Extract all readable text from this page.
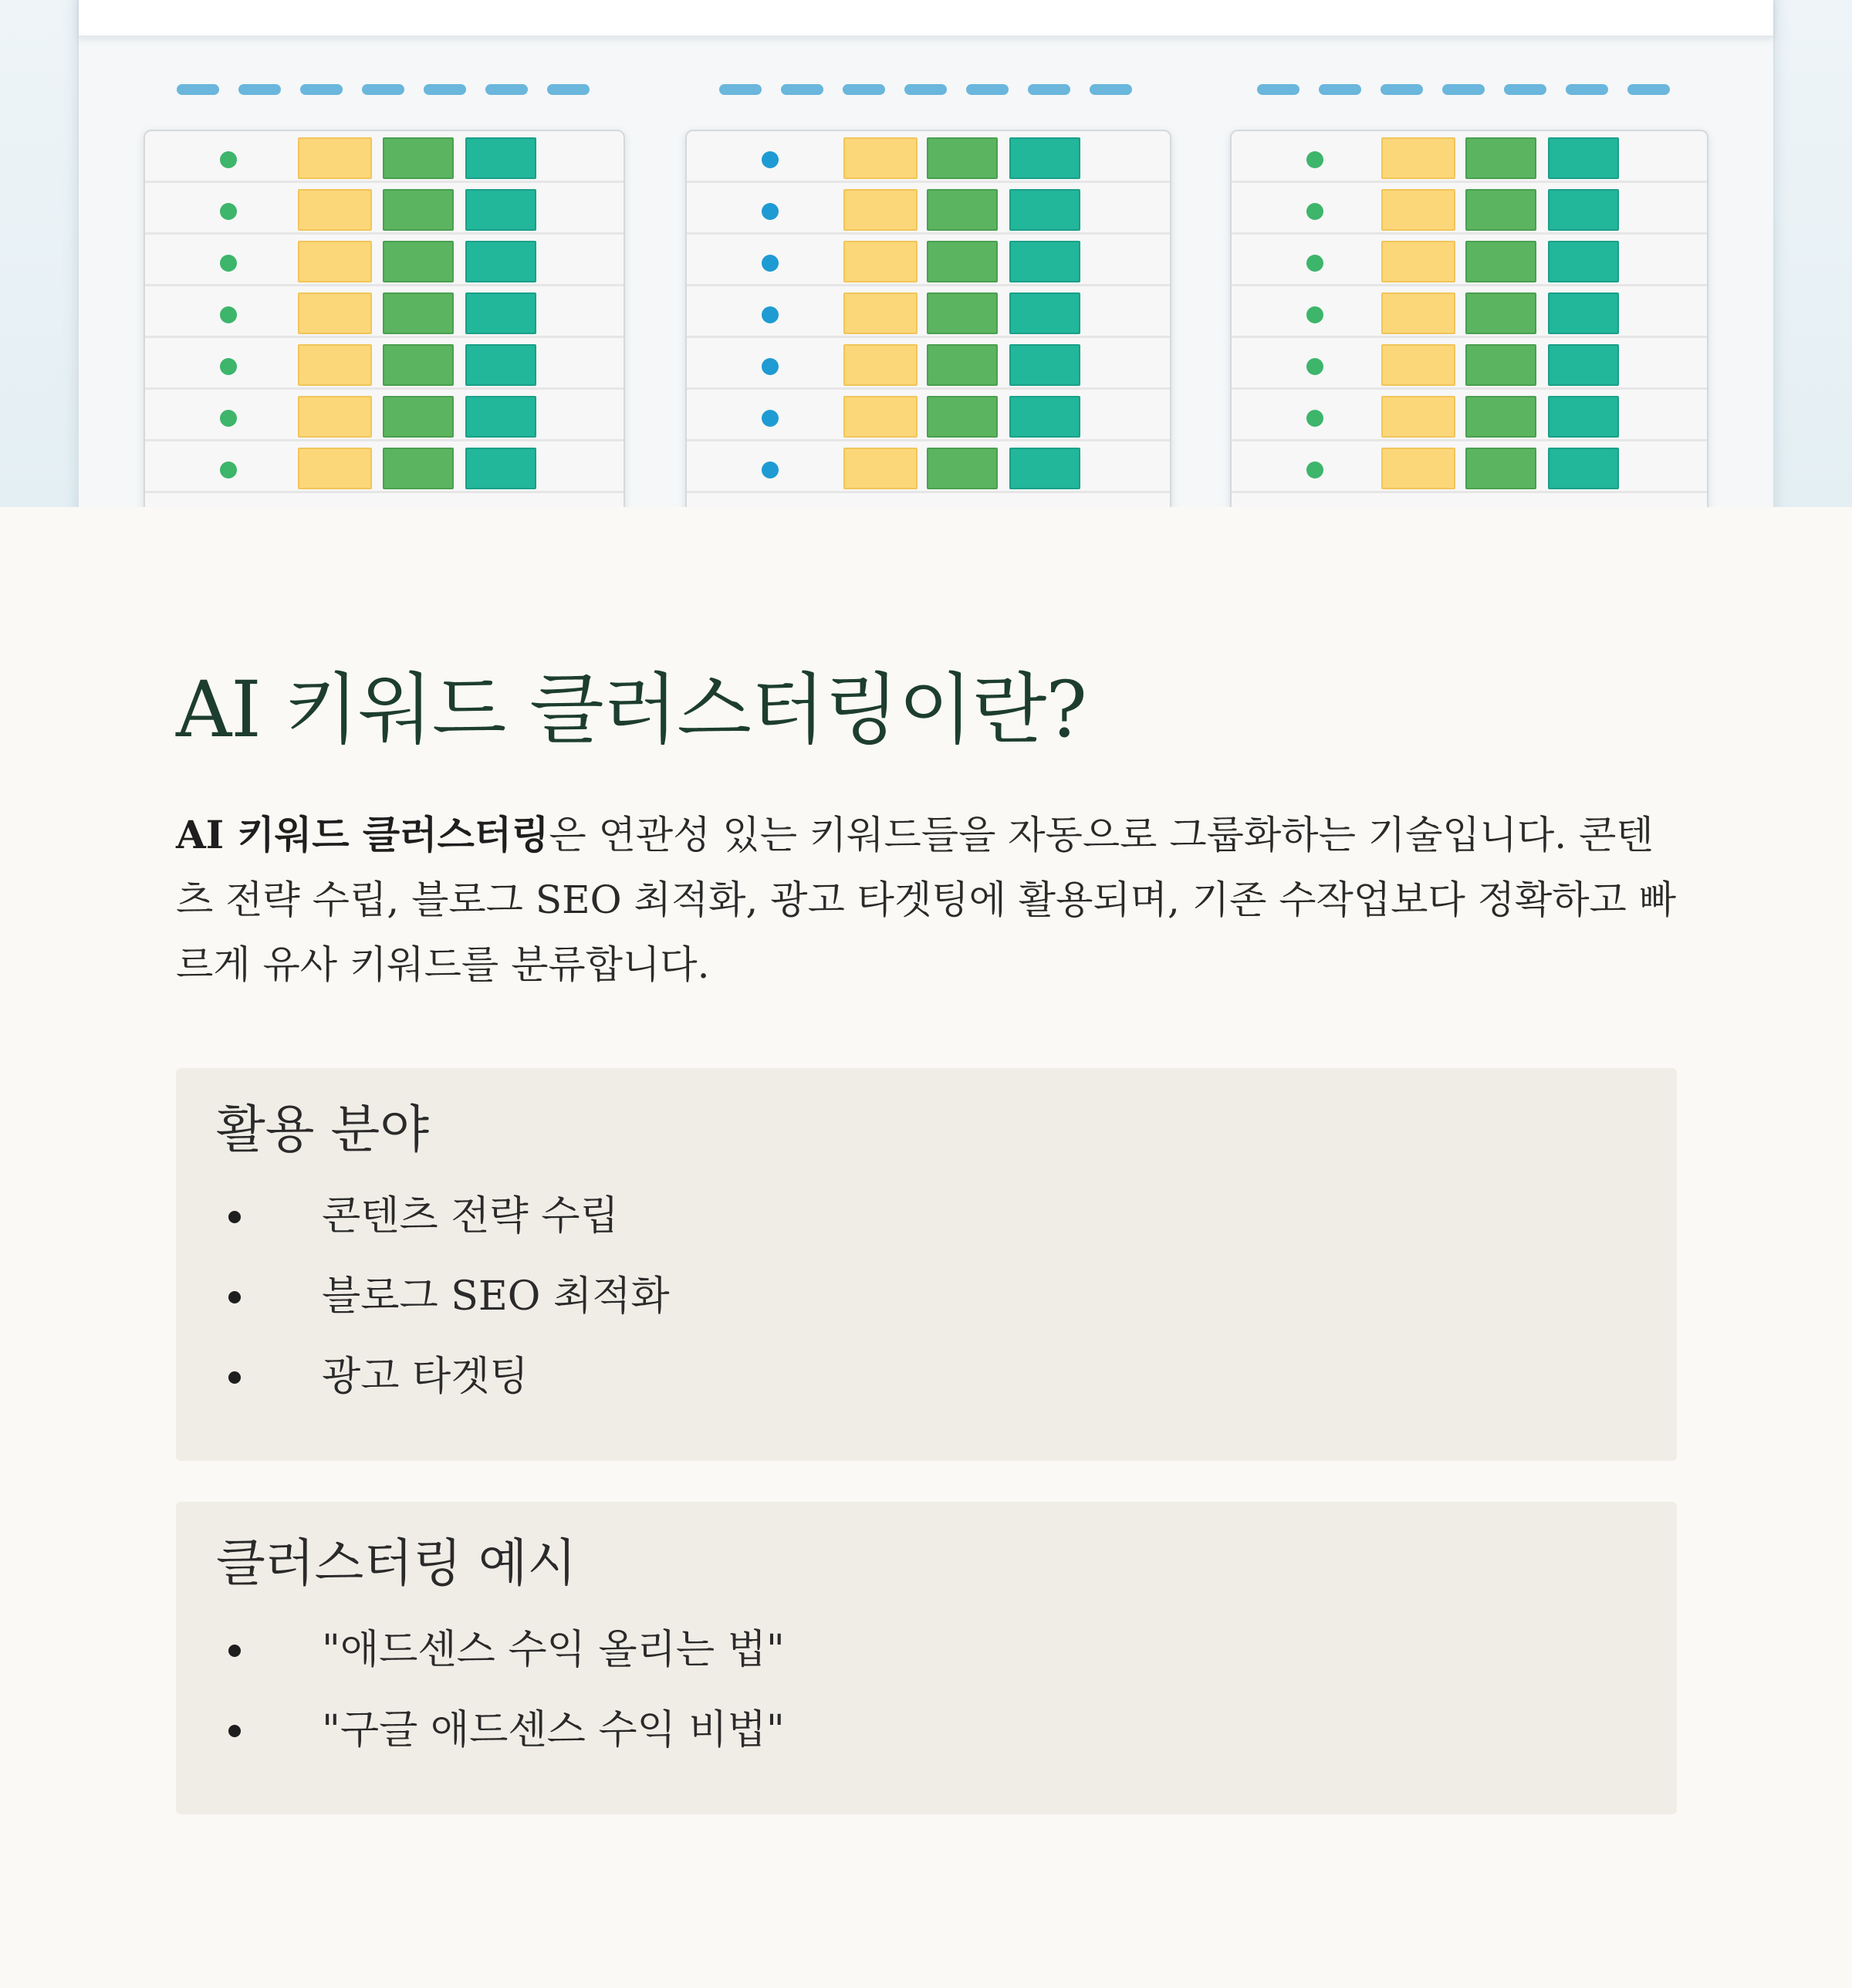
AI 키워드 클러스터링이란?

AI 키워드 클러스터링은 연관성 있는 키워드들을 자동으로 그룹화하는 기술입니다. 콘텐츠 전략 수립, 블로그 SEO 최적화, 광고 타겟팅에 활용되며, 기존 수작업보다 정확하고 빠르게 유사 키워드를 분류합니다.

활용 분야
콘텐츠 전략 수립
블로그 SEO 최적화
광고 타겟팅
클러스터링 예시
"애드센스 수익 올리는 법"
"구글 애드센스 수익 비법"
